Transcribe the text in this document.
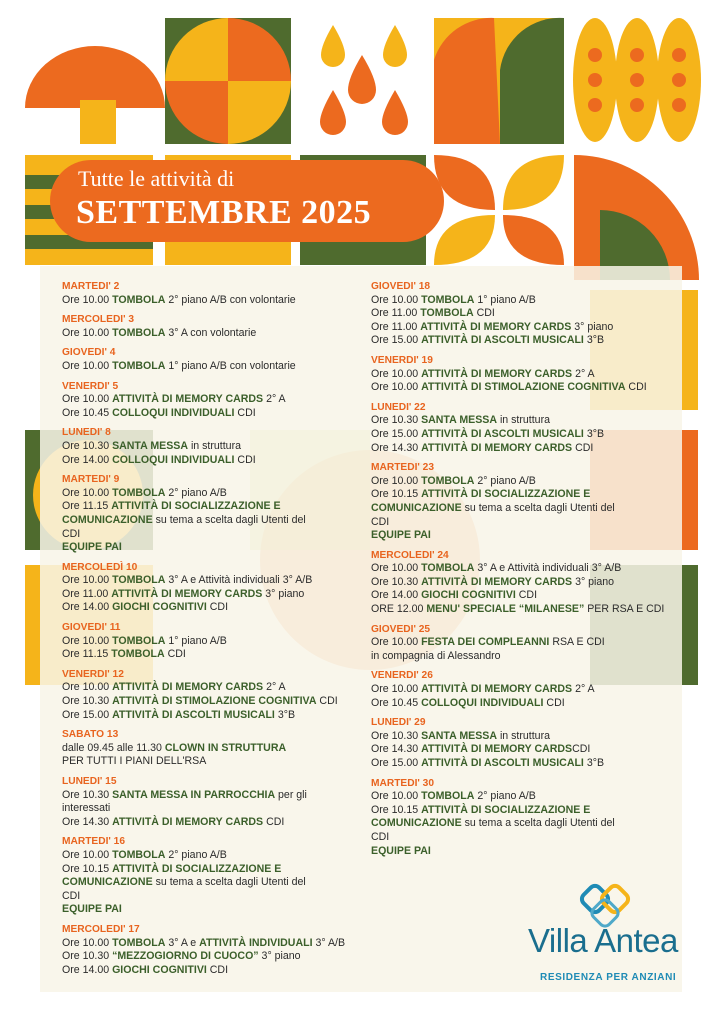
Tutte le attività di
SETTEMBRE 2025
MARTEDI' 2
Ore 10.00 TOMBOLA 2° piano A/B con volontarie
MERCOLEDI' 3
Ore 10.00 TOMBOLA 3° A con volontarie
GIOVEDI' 4
Ore 10.00 TOMBOLA 1° piano A/B con volontarie
VENERDI' 5
Ore 10.00 ATTIVITÀ DI MEMORY CARDS 2° A
Ore 10.45 COLLOQUI INDIVIDUALI CDI
LUNEDI' 8
Ore 10.30 SANTA MESSA in struttura
Ore 14.00 COLLOQUI INDIVIDUALI CDI
MARTEDI' 9
Ore 10.00 TOMBOLA 2° piano A/B
Ore 11.15 ATTIVITÀ DI SOCIALIZZAZIONE E
COMUNICAZIONE su tema a scelta dagli Utenti del
CDI
EQUIPE PAI
MERCOLEDÌ 10
Ore 10.00 TOMBOLA 3° A e Attività individuali 3° A/B
Ore 11.00 ATTIVITÀ DI MEMORY CARDS 3° piano
Ore 14.00 GIOCHI COGNITIVI CDI
GIOVEDI' 11
Ore 10.00 TOMBOLA 1° piano A/B
Ore 11.15 TOMBOLA CDI
VENERDI' 12
Ore 10.00 ATTIVITÀ DI MEMORY CARDS 2° A
Ore 10.30 ATTIVITÀ DI STIMOLAZIONE COGNITIVA CDI
Ore 15.00 ATTIVITÀ DI ASCOLTI MUSICALI 3°B
SABATO 13
dalle 09.45 alle 11.30 CLOWN IN STRUTTURA
PER TUTTI I PIANI DELL'RSA
LUNEDI' 15
Ore 10.30 SANTA MESSA IN PARROCCHIA per gli
interessati
Ore 14.30 ATTIVITÀ DI MEMORY CARDS CDI
MARTEDI' 16
Ore 10.00 TOMBOLA 2° piano A/B
Ore 10.15 ATTIVITÀ DI SOCIALIZZAZIONE E
COMUNICAZIONE su tema a scelta dagli Utenti del
CDI
EQUIPE PAI
MERCOLEDI' 17
Ore 10.00 TOMBOLA 3° A e ATTIVITÀ INDIVIDUALI 3° A/B
Ore 10.30 “MEZZOGIORNO DI CUOCO” 3° piano
Ore 14.00 GIOCHI COGNITIVI CDI
GIOVEDI' 18
Ore 10.00 TOMBOLA 1° piano A/B
Ore 11.00 TOMBOLA CDI
Ore 11.00 ATTIVITÀ DI MEMORY CARDS 3° piano
Ore 15.00 ATTIVITÀ DI ASCOLTI MUSICALI 3°B
VENERDI' 19
Ore 10.00 ATTIVITÀ DI MEMORY CARDS 2° A
Ore 10.00 ATTIVITÀ DI STIMOLAZIONE COGNITIVA CDI
LUNEDI' 22
Ore 10.30 SANTA MESSA in struttura
Ore 15.00 ATTIVITÀ DI ASCOLTI MUSICALI 3°B
Ore 14.30 ATTIVITÀ DI MEMORY CARDS CDI
MARTEDI' 23
Ore 10.00 TOMBOLA 2° piano A/B
Ore 10.15 ATTIVITÀ DI SOCIALIZZAZIONE E
COMUNICAZIONE su tema a scelta dagli Utenti del
CDI
EQUIPE PAI
MERCOLEDI' 24
Ore 10.00 TOMBOLA 3° A e Attività individuali 3° A/B
Ore 10.30 ATTIVITÀ DI MEMORY CARDS 3° piano
Ore 14.00 GIOCHI COGNITIVI CDI
ORE 12.00 MENU' SPECIALE “MILANESE” PER RSA E CDI
GIOVEDI' 25
Ore 10.00 FESTA DEI COMPLEANNI RSA E CDI
in compagnia di Alessandro
VENERDI' 26
Ore 10.00 ATTIVITÀ DI MEMORY CARDS 2° A
Ore 10.45 COLLOQUI INDIVIDUALI CDI
LUNEDI' 29
Ore 10.30 SANTA MESSA in struttura
Ore 14.30 ATTIVITÀ DI MEMORY CARDSCDI
Ore 15.00 ATTIVITÀ DI ASCOLTI MUSICALI 3°B
MARTEDI' 30
Ore 10.00 TOMBOLA 2° piano A/B
Ore 10.15 ATTIVITÀ DI SOCIALIZZAZIONE E
COMUNICAZIONE su tema a scelta dagli Utenti del
CDI
EQUIPE PAI
Villa Antea
RESIDENZA PER ANZIANI
